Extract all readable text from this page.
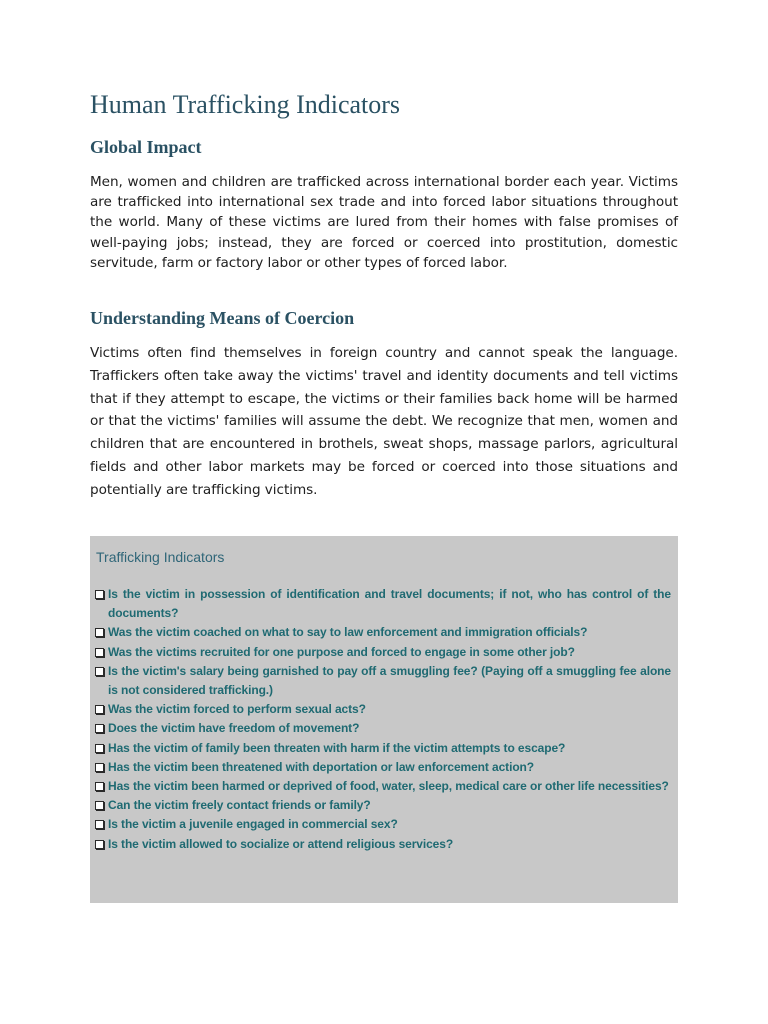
Human Trafficking Indicators
Global Impact

Men, women and children are trafficked across international border each year. Victims are trafficked into international sex trade and into forced labor situations throughout the world. Many of these victims are lured from their homes with false promises of well-paying jobs; instead, they are forced or coerced into prostitution, domestic servitude, farm or factory labor or other types of forced labor.

Understanding Means of Coercion

Victims often find themselves in foreign country and cannot speak the language. Traffickers often take away the victims' travel and identity documents and tell victims that if they attempt to escape, the victims or their families back home will be harmed or that the victims' families will assume the debt. We recognize that men, women and children that are encountered in brothels, sweat shops, massage parlors, agricultural fields and other labor markets may be forced or coerced into those situations and potentially are trafficking victims.

Trafficking Indicators
Is the victim in possession of identification and travel documents; if not, who has control of the documents?
Was the victim coached on what to say to law enforcement and immigration officials?
Was the victims recruited for one purpose and forced to engage in some other job?
Is the victim's salary being garnished to pay off a smuggling fee? (Paying off a smuggling fee alone is not considered trafficking.)
Was the victim forced to perform sexual acts?
Does the victim have freedom of movement?
Has the victim of family been threaten with harm if the victim attempts to escape?
Has the victim been threatened with deportation or law enforcement action?
Has the victim been harmed or deprived of food, water, sleep, medical care or other life necessities?
Can the victim freely contact friends or family?
Is the victim a juvenile engaged in commercial sex?
Is the victim allowed to socialize or attend religious services?
